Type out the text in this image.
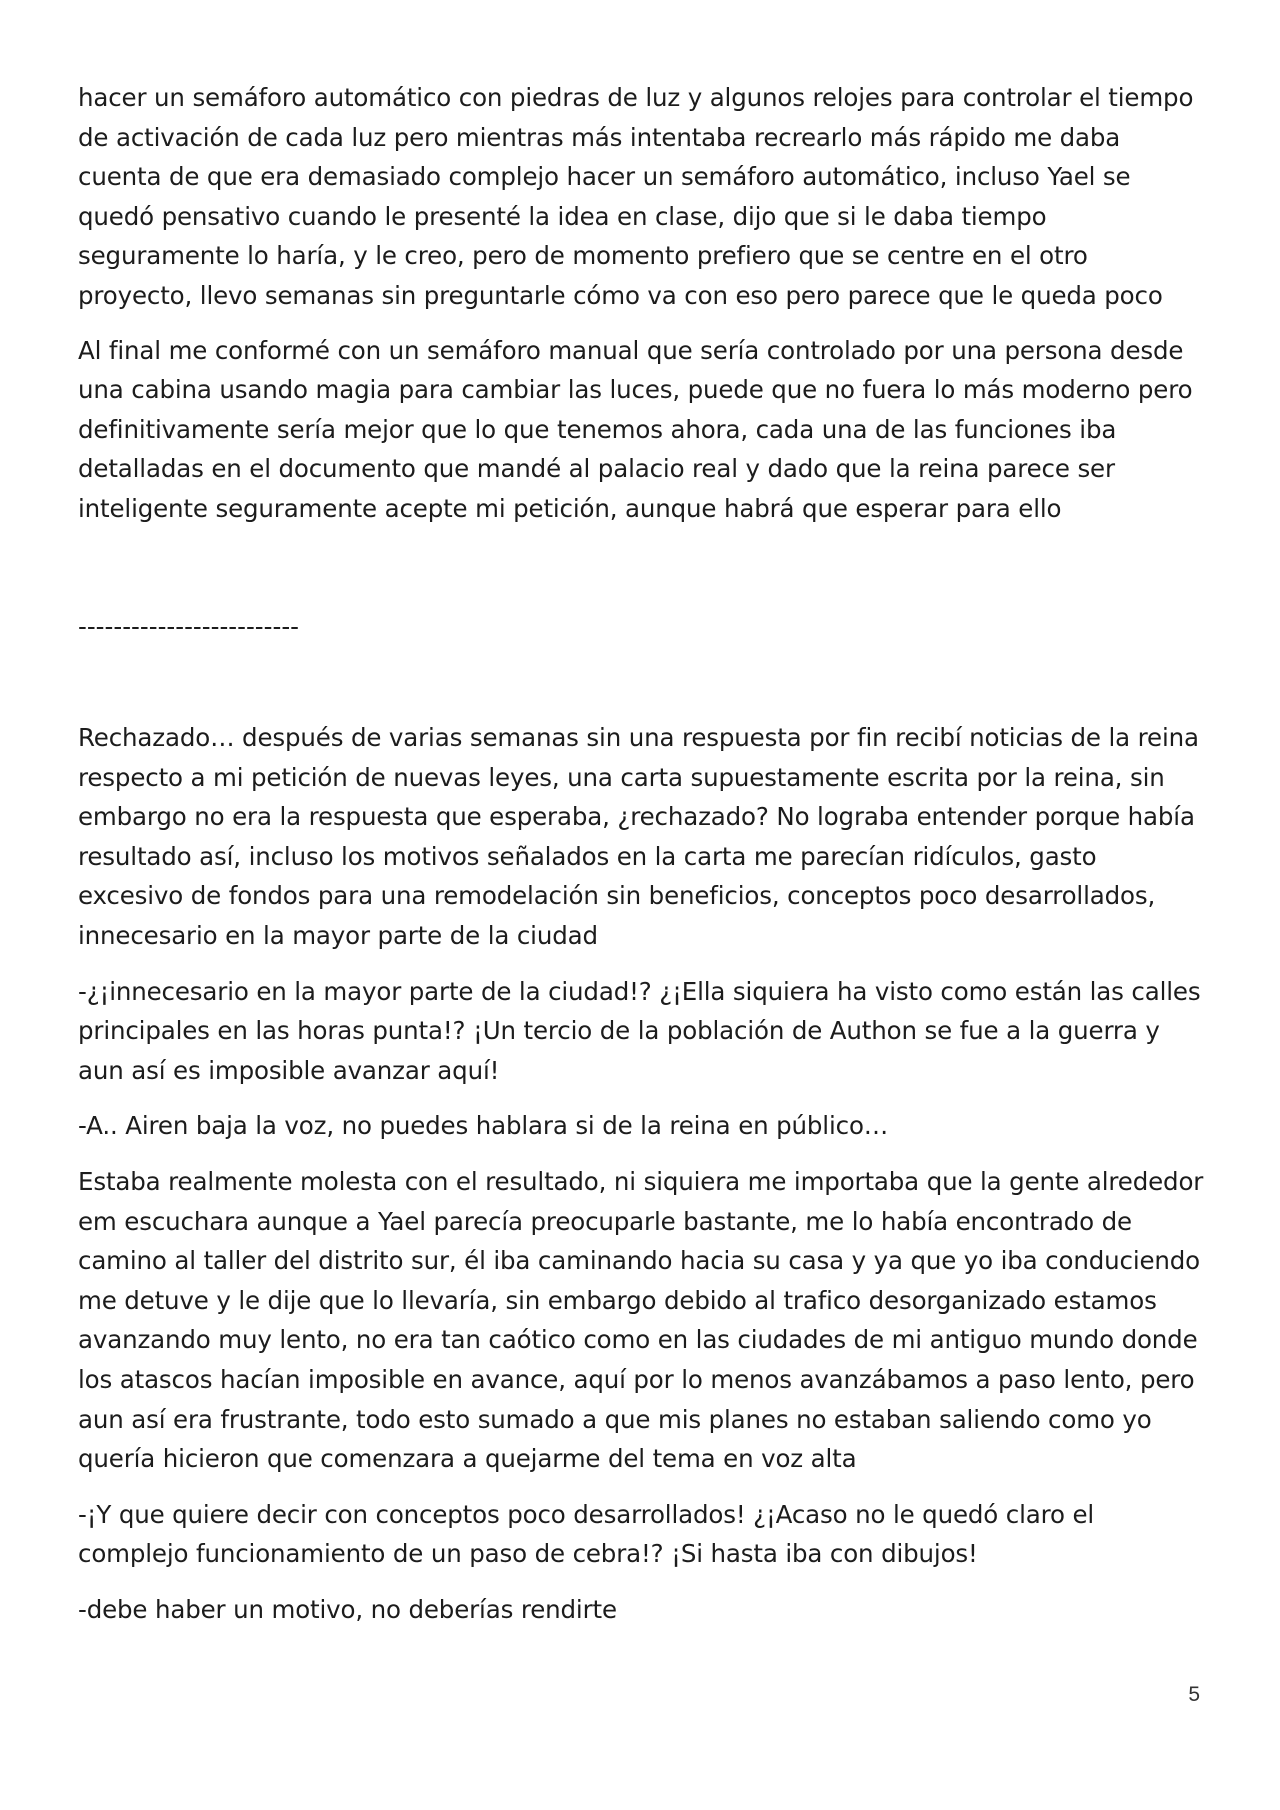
hacer un semáforo automático con piedras de luz y algunos relojes para controlar el tiempo de activación de cada luz pero mientras más intentaba recrearlo más rápido me daba cuenta de que era demasiado complejo hacer un semáforo automático, incluso Yael se quedó pensativo cuando le presenté la idea en clase, dijo que si le daba tiempo seguramente lo haría, y le creo, pero de momento prefiero que se centre en el otro proyecto, llevo semanas sin preguntarle cómo va con eso pero parece que le queda poco

Al final me conformé con un semáforo manual que sería controlado por una persona desde una cabina usando magia para cambiar las luces, puede que no fuera lo más moderno pero definitivamente sería mejor que lo que tenemos ahora, cada una de las funciones iba detalladas en el documento que mandé al palacio real y dado que la reina parece ser inteligente seguramente acepte mi petición, aunque habrá que esperar para ello

-------------------------

Rechazado… después de varias semanas sin una respuesta por fin recibí noticias de la reina respecto a mi petición de nuevas leyes, una carta supuestamente escrita por la reina, sin embargo no era la respuesta que esperaba, ¿rechazado? No lograba entender porque había resultado así, incluso los motivos señalados en la carta me parecían ridículos, gasto excesivo de fondos para una remodelación sin beneficios, conceptos poco desarrollados, innecesario en la mayor parte de la ciudad

-¿¡innecesario en la mayor parte de la ciudad!? ¿¡Ella siquiera ha visto como están las calles principales en las horas punta!? ¡Un tercio de la población de Authon se fue a la guerra y aun así es imposible avanzar aquí!

-A.. Airen baja la voz, no puedes hablara si de la reina en público…

Estaba realmente molesta con el resultado, ni siquiera me importaba que la gente alrededor em escuchara aunque a Yael parecía preocuparle bastante, me lo había encontrado de camino al taller del distrito sur, él iba caminando hacia su casa y ya que yo iba conduciendo me detuve y le dije que lo llevaría, sin embargo debido al trafico desorganizado estamos avanzando muy lento, no era tan caótico como en las ciudades de mi antiguo mundo donde los atascos hacían imposible en avance, aquí por lo menos avanzábamos a paso lento, pero aun así era frustrante, todo esto sumado a que mis planes no estaban saliendo como yo quería hicieron que comenzara a quejarme del tema en voz alta

-¡Y que quiere decir con conceptos poco desarrollados! ¿¡Acaso no le quedó claro el complejo funcionamiento de un paso de cebra!? ¡Si hasta iba con dibujos!

-debe haber un motivo, no deberías rendirte

5
